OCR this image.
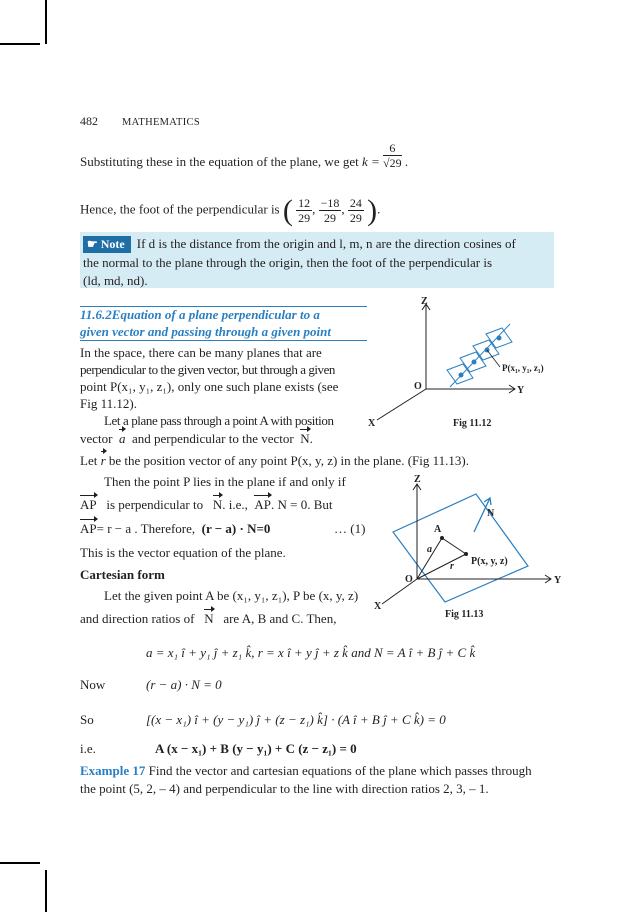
482 MATHEMATICS
Substituting these in the equation of the plane, we get $k = \frac{6}{√29}$ .
Hence, the foot of the perpendicular is ( $\frac{12}{29}$ , $\frac{-18}{29}$ , $\frac{24}{29}$ ).
☛ Note If d is the distance from the origin and l, m, n are the direction cosines of
the normal to the plane through the origin, then the foot of the perpendicular is
(ld, md, nd).
11.6.2Equation of a plane perpendicular to a
given vector and passing through a given point
In the space, there can be many planes that are
perpendicular to the given vector, but through a given
point P(x₁, y₁, z₁), only one such plane exists (see
Fig 11.12).
Let a plane pass through a point A with position
vector a and perpendicular to the vector N.
Let r be the position vector of any point P(x, y, z) in the plane. (Fig 11.13).
Then the point P lies in the plane if and only if
AP is perpendicular to N. i.e., AP. N = 0. But
AP= r − a . Therefore, (r − a) · N=0	… (1)
This is the vector equation of the plane.
Cartesian form
Let the given point A be (x₁, y₁, z₁), P be (x, y, z)
and direction ratios of N are A, B and C. Then,
a = x₁ î + y₁ ĵ + z₁ k̂, r = x î + y ĵ + z k̂ and N = A î + B ĵ + C k̂
Now	(r − a) · N = 0
So	[(x − x₁) î + (y − y₁) ĵ + (z − z₁) k̂] · (A î + B ĵ + C k̂) = 0
i.e.	A (x − x₁) + B (y − y₁) + C (z − z₁) = 0
Example 17 Find the vector and cartesian equations of the plane which passes through
the point (5, 2, – 4) and perpendicular to the line with direction ratios 2, 3, – 1.
Z
O	Y
X
P(x₁, y₁, z₁)
Fig 11.12
Z
O	Y
X
A
a
r
N
P(x, y, z)
Fig 11.13
